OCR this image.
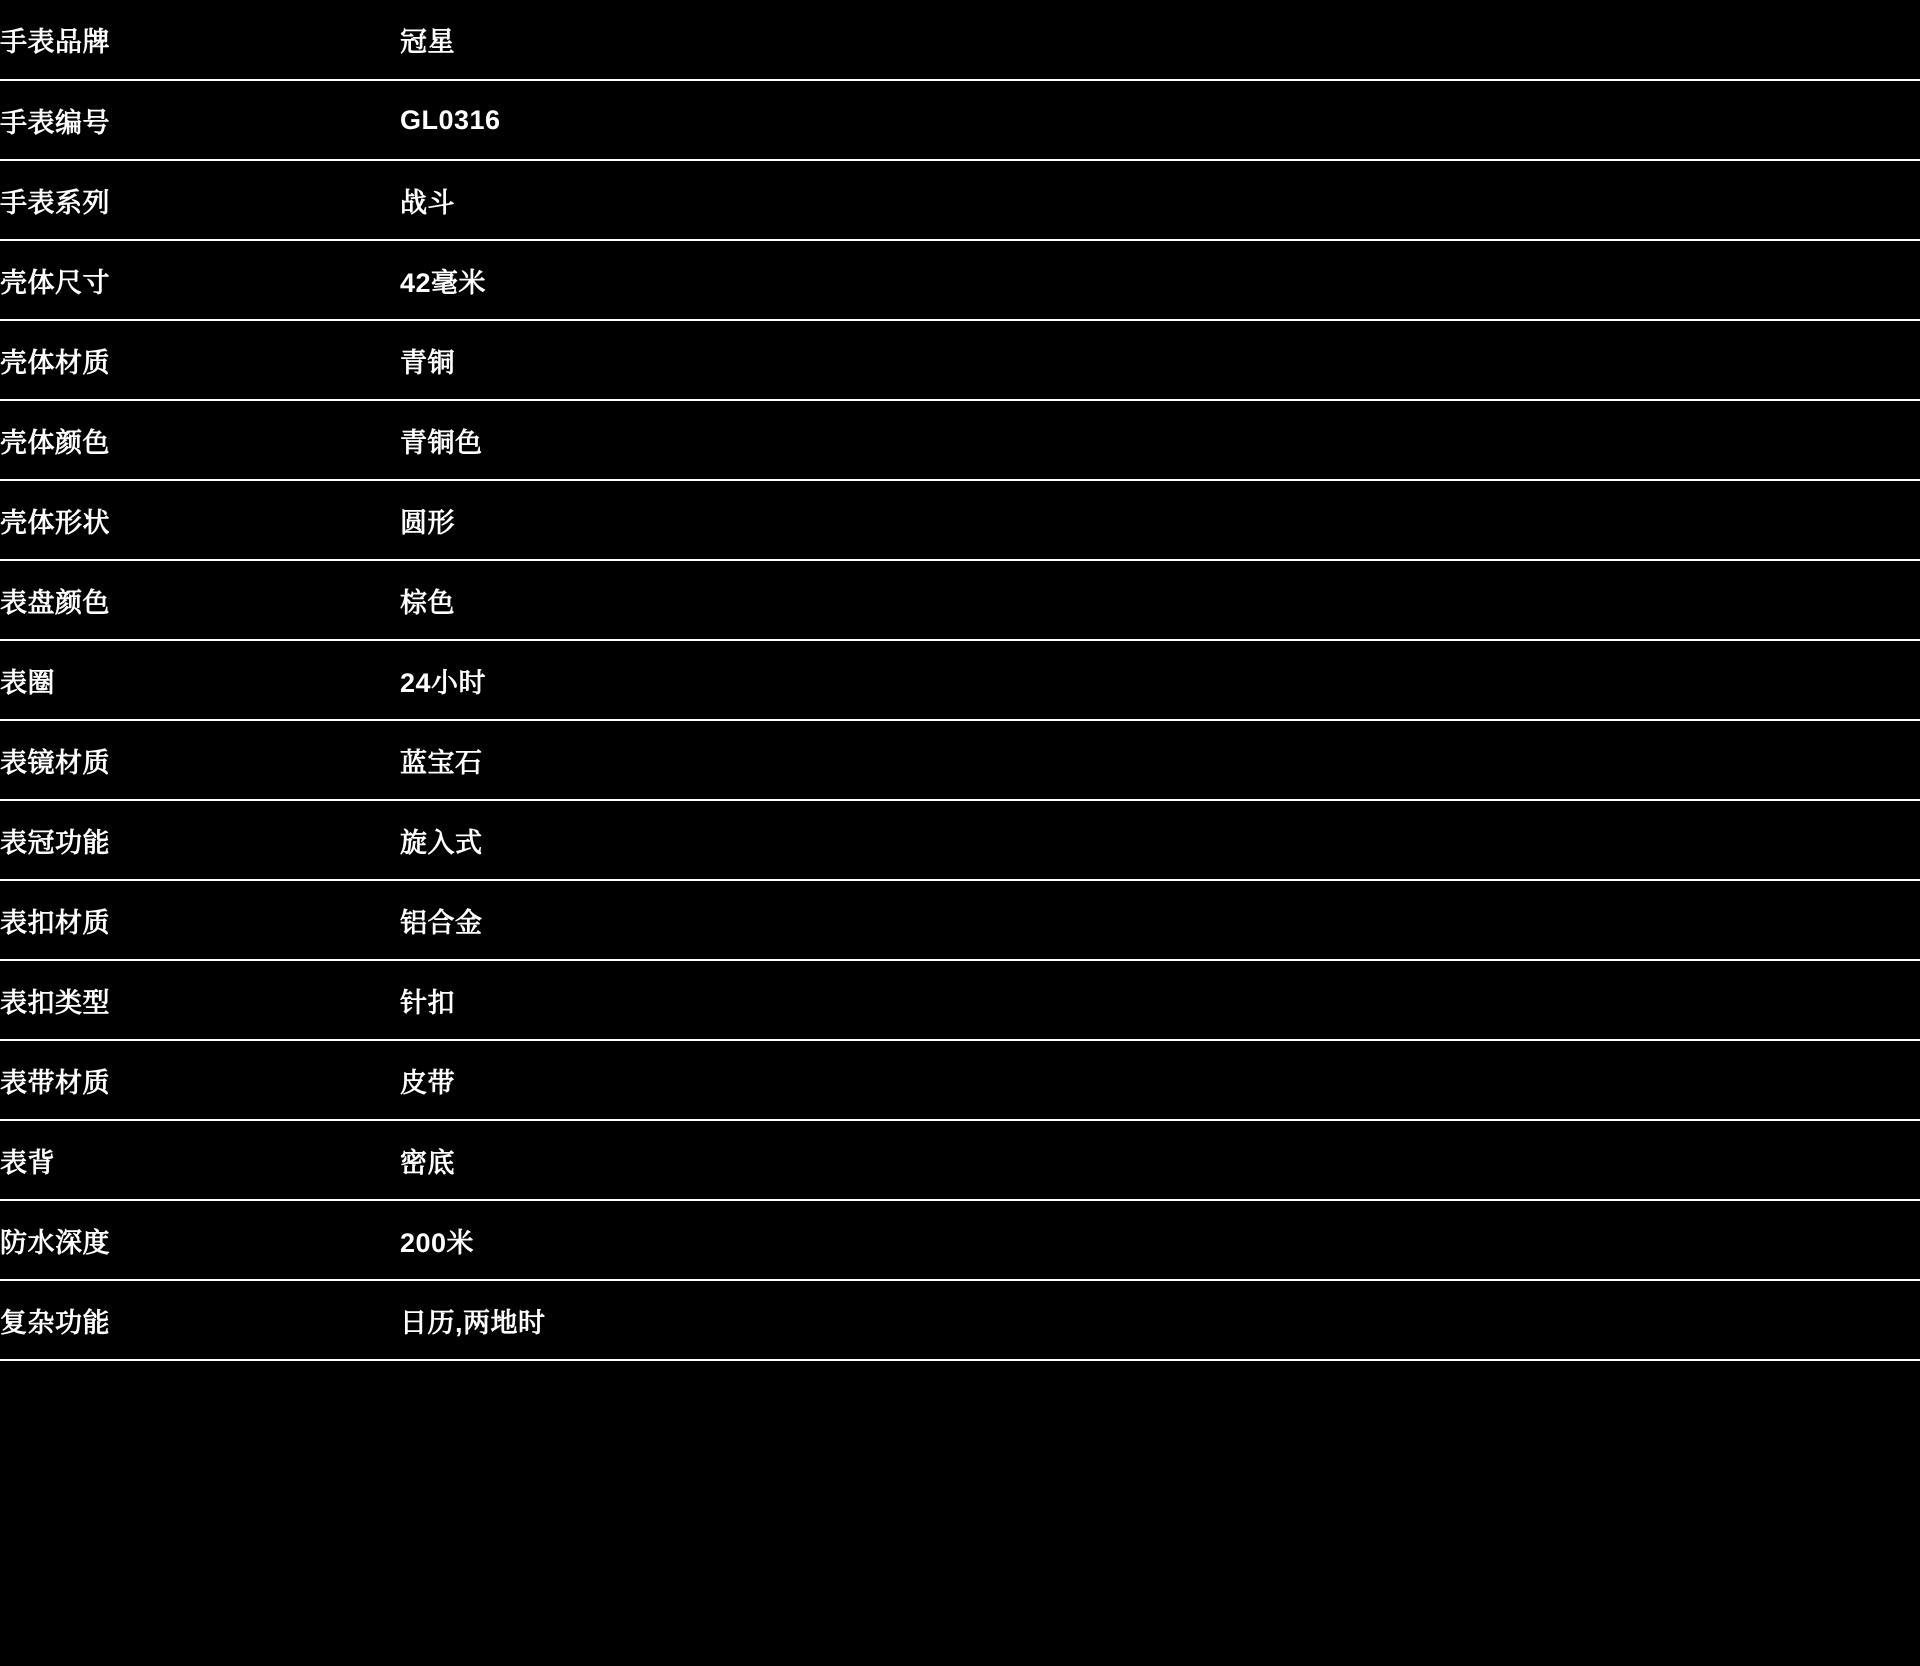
手表品牌	冠星
手表编号	GL0316
手表系列	战斗
壳体尺寸	42毫米
壳体材质	青铜
壳体颜色	青铜色
壳体形状	圆形
表盘颜色	棕色
表圈	24小时
表镜材质	蓝宝石
表冠功能	旋入式
表扣材质	铝合金
表扣类型	针扣
表带材质	皮带
表背	密底
防水深度	200米
复杂功能	日历,两地时
